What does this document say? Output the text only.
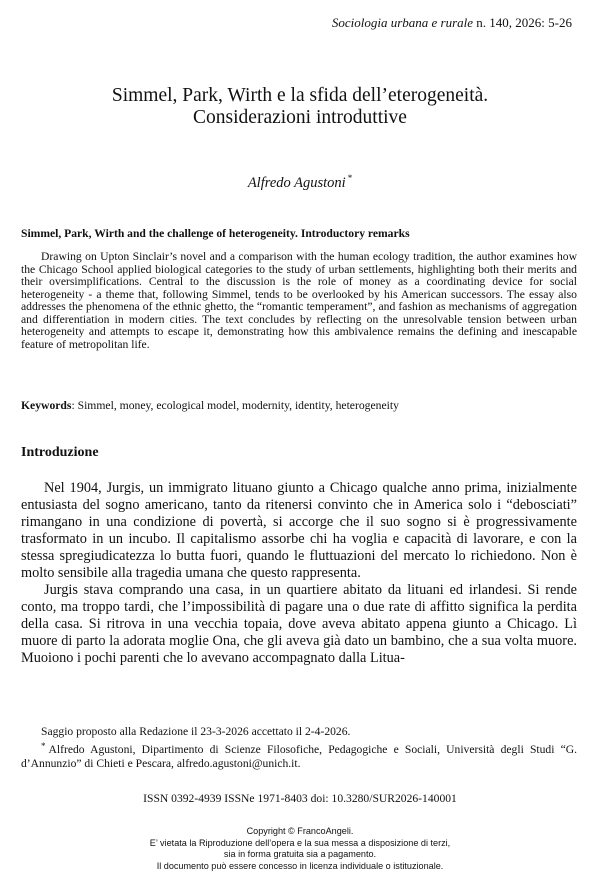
Sociologia urbana e rurale n. 140, 2026: 5-26
Simmel, Park, Wirth e la sfida dell’eterogeneità.
Considerazioni introduttive
Alfredo Agustoni *
Simmel, Park, Wirth and the challenge of heterogeneity. Introductory remarks

Drawing on Upton Sinclair’s novel and a comparison with the human ecology tradition, the author examines how the Chicago School applied biological categories to the study of urban settlements, highlighting both their merits and their oversimplifications. Central to the discussion is the role of money as a coordinating device for social heterogeneity - a theme that, following Simmel, tends to be overlooked by his American successors. The essay also addresses the phenomena of the ethnic ghetto, the “romantic temperament”, and fashion as mechanisms of aggregation and differentiation in modern cities. The text concludes by reflecting on the unresolvable tension between urban heterogeneity and attempts to escape it, demonstrating how this ambivalence remains the defining and inescapable feature of metropolitan life.

Keywords: Simmel, money, ecological model, modernity, identity, heterogeneity
Introduzione

Nel 1904, Jurgis, un immigrato lituano giunto a Chicago qualche anno prima, inizialmente entusiasta del sogno americano, tanto da ritenersi convinto che in America solo i “debosciati” rimangano in una condizione di povertà, si accorge che il suo sogno si è progressivamente trasformato in un incubo. Il capitalismo assorbe chi ha voglia e capacità di lavorare, e con la stessa spregiudicatezza lo butta fuori, quando le fluttuazioni del mercato lo richiedono. Non è molto sensibile alla tragedia umana che questo rappresenta.

Jurgis stava comprando una casa, in un quartiere abitato da lituani ed irlandesi. Si rende conto, ma troppo tardi, che l’impossibilità di pagare una o due rate di affitto significa la perdita della casa. Si ritrova in una vecchia topaia, dove aveva abitato appena giunto a Chicago. Lì muore di parto la adorata moglie Ona, che gli aveva già dato un bambino, che a sua volta muore. Muoiono i pochi parenti che lo avevano accompagnato dalla Litua-

Saggio proposto alla Redazione il 23-3-2026 accettato il 2-4-2026.
* Alfredo Agustoni, Dipartimento di Scienze Filosofiche, Pedagogiche e Sociali, Università degli Studi “G. d’Annunzio” di Chieti e Pescara, alfredo.agustoni@unich.it.
ISSN 0392-4939 ISSNe 1971-8403 doi: 10.3280/SUR2026-140001
Copyright © FrancoAngeli.
E’ vietata la Riproduzione dell’opera e la sua messa a disposizione di terzi,
sia in forma gratuita sia a pagamento.
Il documento può essere concesso in licenza individuale o istituzionale.
